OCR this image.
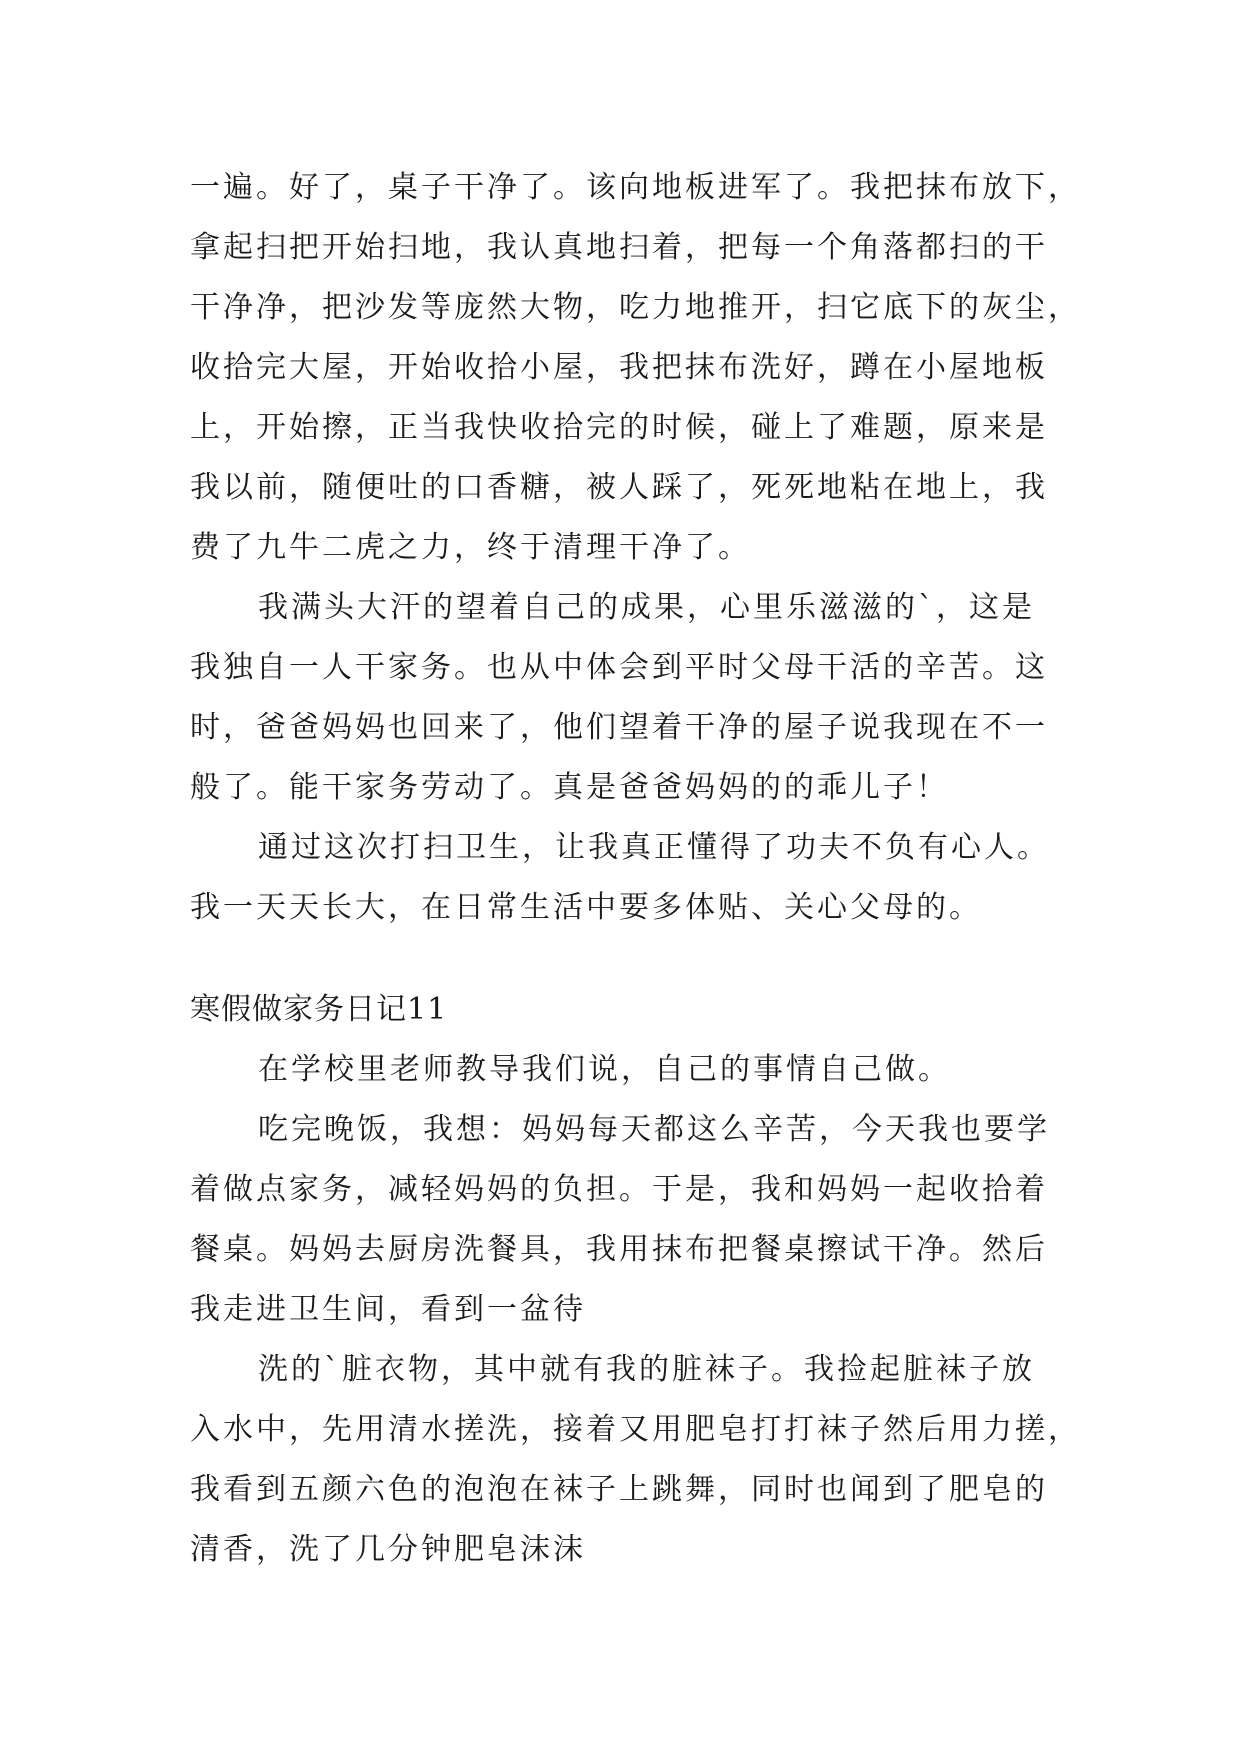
一遍。好了，桌子干净了。该向地板进军了。我把抹布放下，
拿起扫把开始扫地，我认真地扫着，把每一个角落都扫的干
干净净，把沙发等庞然大物，吃力地推开，扫它底下的灰尘，
收拾完大屋，开始收拾小屋，我把抹布洗好，蹲在小屋地板
上，开始擦，正当我快收拾完的时候，碰上了难题，原来是
我以前，随便吐的口香糖，被人踩了，死死地粘在地上，我
费了九牛二虎之力，终于清理干净了。
我满头大汗的望着自己的成果，心里乐滋滋的`，这是
我独自一人干家务。也从中体会到平时父母干活的辛苦。这
时，爸爸妈妈也回来了，他们望着干净的屋子说我现在不一
般了。能干家务劳动了。真是爸爸妈妈的的乖儿子！
通过这次打扫卫生，让我真正懂得了功夫不负有心人。
我一天天长大，在日常生活中要多体贴、关心父母的。
寒假做家务日记11
在学校里老师教导我们说，自己的事情自己做。
吃完晚饭，我想：妈妈每天都这么辛苦，今天我也要学
着做点家务，减轻妈妈的负担。于是，我和妈妈一起收拾着
餐桌。妈妈去厨房洗餐具，我用抹布把餐桌擦试干净。然后
我走进卫生间，看到一盆待
洗的`脏衣物，其中就有我的脏袜子。我捡起脏袜子放
入水中，先用清水搓洗，接着又用肥皂打打袜子然后用力搓，
我看到五颜六色的泡泡在袜子上跳舞，同时也闻到了肥皂的
清香，洗了几分钟肥皂沫沫
